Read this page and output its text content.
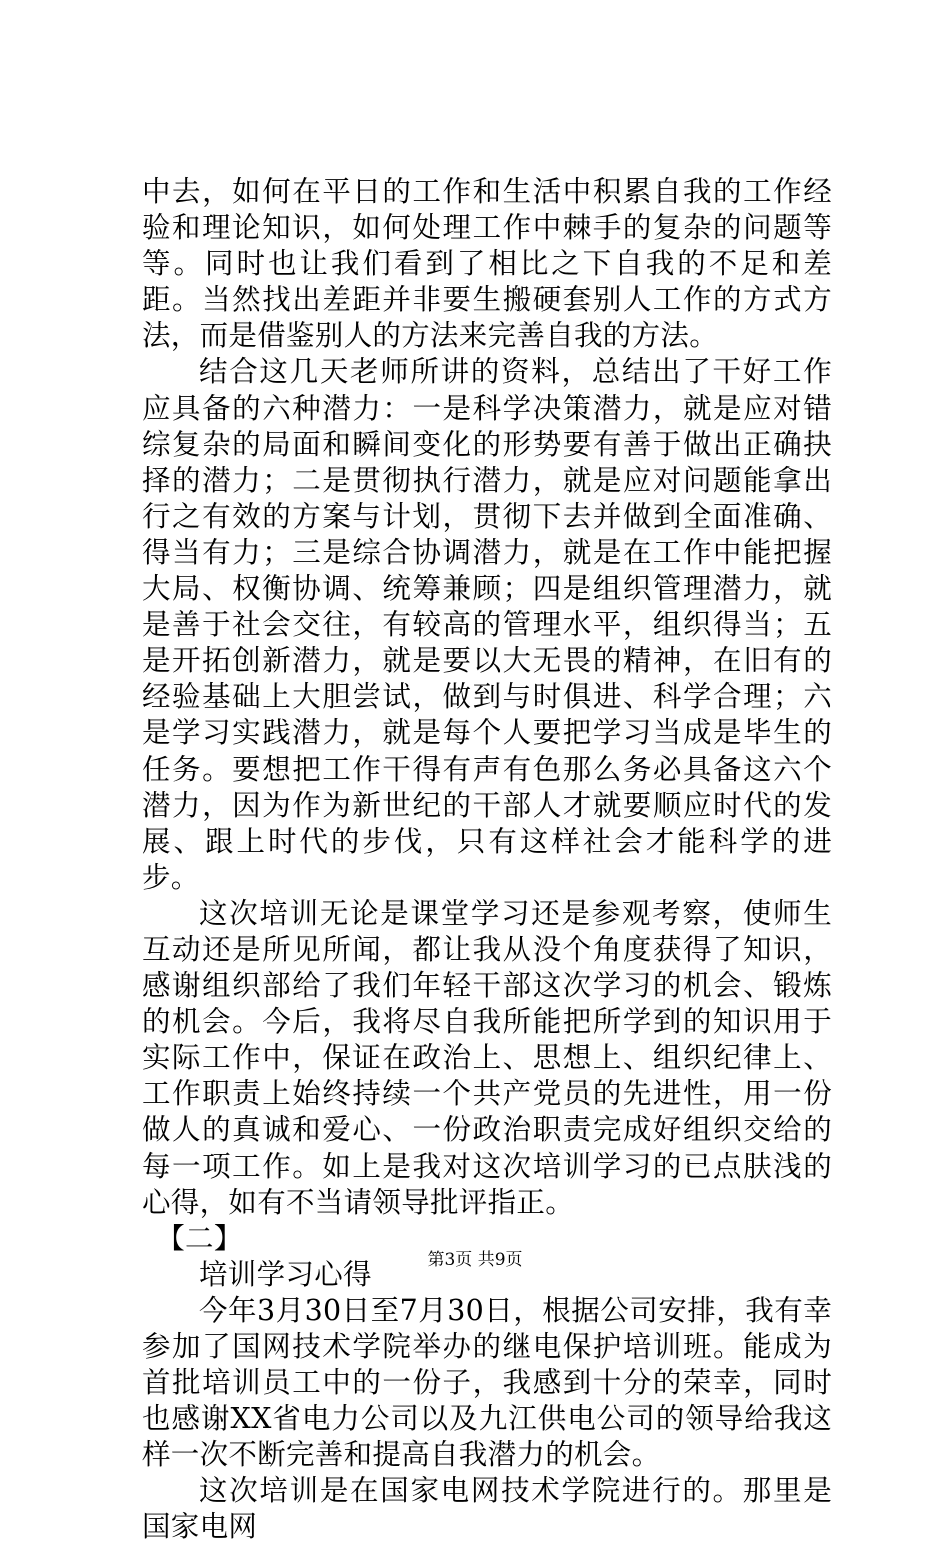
中去，如何在平日的工作和生活中积累自我的工作经验和理论知识，如何处理工作中棘手的复杂的问题等等。同时也让我们看到了相比之下自我的不足和差距。当然找出差距并非要生搬硬套别人工作的方式方法，而是借鉴别人的方法来完善自我的方法。

结合这几天老师所讲的资料，总结出了干好工作应具备的六种潜力：一是科学决策潜力，就是应对错综复杂的局面和瞬间变化的形势要有善于做出正确抉择的潜力；二是贯彻执行潜力，就是应对问题能拿出行之有效的方案与计划，贯彻下去并做到全面准确、得当有力；三是综合协调潜力，就是在工作中能把握大局、权衡协调、统筹兼顾；四是组织管理潜力，就是善于社会交往，有较高的管理水平，组织得当；五是开拓创新潜力，就是要以大无畏的精神，在旧有的经验基础上大胆尝试，做到与时俱进、科学合理；六是学习实践潜力，就是每个人要把学习当成是毕生的任务。要想把工作干得有声有色那么务必具备这六个潜力，因为作为新世纪的干部人才就要顺应时代的发展、跟上时代的步伐，只有这样社会才能科学的进步。

这次培训无论是课堂学习还是参观考察，使师生互动还是所见所闻，都让我从没个角度获得了知识，感谢组织部给了我们年轻干部这次学习的机会、锻炼的机会。今后，我将尽自我所能把所学到的知识用于实际工作中，保证在政治上、思想上、组织纪律上、工作职责上始终持续一个共产党员的先进性，用一份做人的真诚和爱心、一份政治职责完成好组织交给的每一项工作。如上是我对这次培训学习的已点肤浅的心得，如有不当请领导批评指正。

【二】

培训学习心得

今年3月30日至7月30日，根据公司安排，我有幸参加了国网技术学院举办的继电保护培训班。能成为首批培训员工中的一份子，我感到十分的荣幸，同时也感谢XX省电力公司以及九江供电公司的领导给我这样一次不断完善和提高自我潜力的机会。

这次培训是在国家电网技术学院进行的。那里是国家电网

第3页 共9页
